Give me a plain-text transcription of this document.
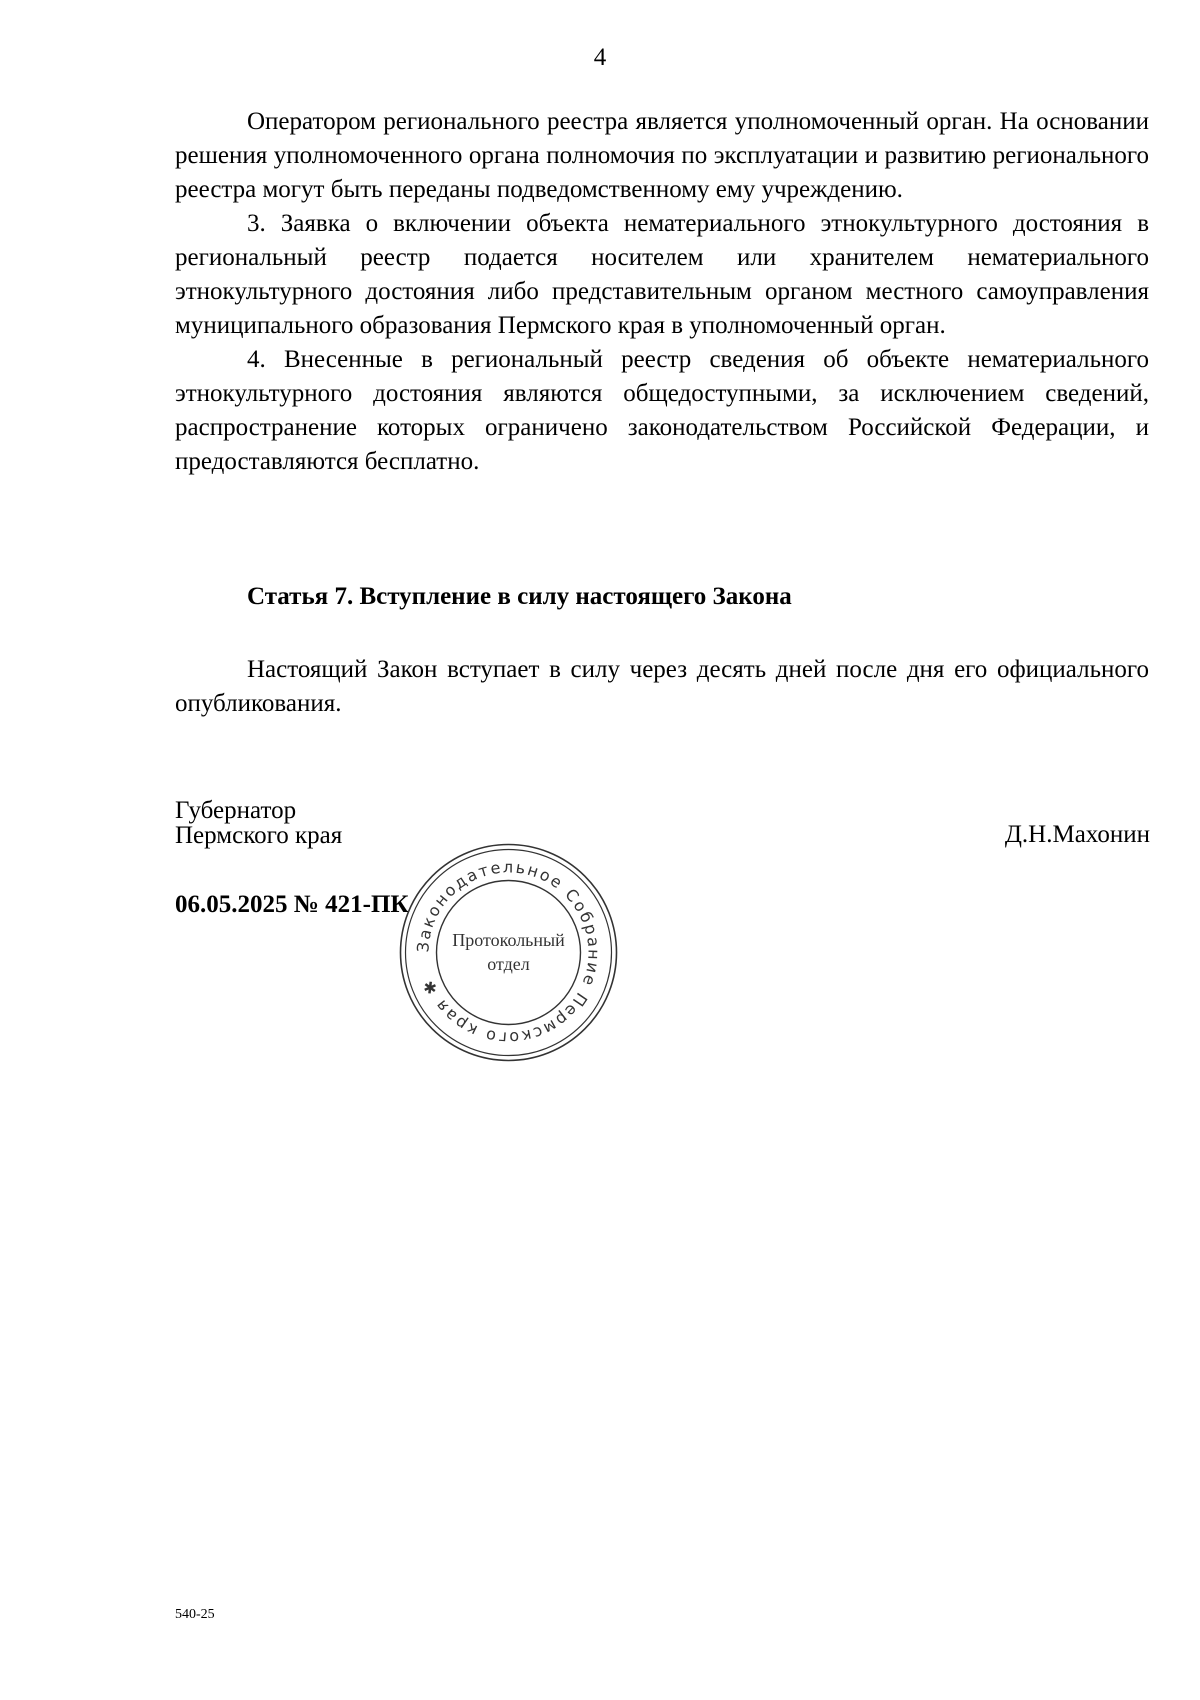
4

Оператором регионального реестра является уполномоченный орган. На основании решения уполномоченного органа полномочия по эксплуатации и развитию регионального реестра могут быть переданы подведомственному ему учреждению.

3. Заявка о включении объекта нематериального этнокультурного достояния в региональный реестр подается носителем или хранителем нематериального этнокультурного достояния либо представительным органом местного самоуправления муниципального образования Пермского края в уполномоченный орган.

4. Внесенные в региональный реестр сведения об объекте нематериального этнокультурного достояния являются общедоступными, за исключением сведений, распространение которых ограничено законодательством Российской Федерации, и предоставляются бесплатно.

Статья 7. Вступление в силу настоящего Закона

Настоящий Закон вступает в силу через десять дней после дня его официального опубликования.

Губернатор
Пермского края	Д.Н.Махонин
06.05.2025 № 421-ПК
Законодательное Собрание Пермского края ✱
Протокольный
отдел
540-25
